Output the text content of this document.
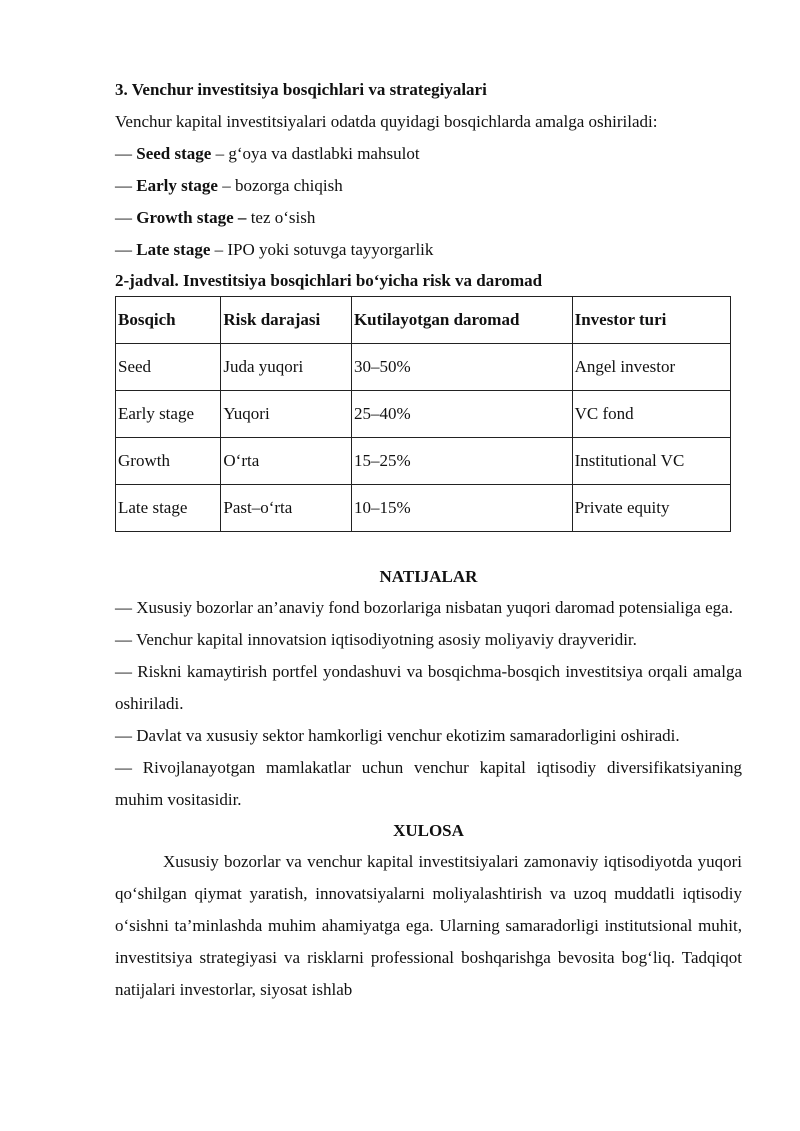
3. Venchur investitsiya bosqichlari va strategiyalari
Venchur kapital investitsiyalari odatda quyidagi bosqichlarda amalga oshiriladi:
— Seed stage – g‘oya va dastlabki mahsulot
— Early stage – bozorga chiqish
— Growth stage – tez o‘sish
— Late stage – IPO yoki sotuvga tayyorgarlik
2-jadval. Investitsiya bosqichlari bo‘yicha risk va daromad
Bosqich	Risk darajasi	Kutilayotgan daromad	Investor turi
Seed	Juda yuqori	30–50%	Angel investor
Early stage	Yuqori	25–40%	VC fond
Growth	O‘rta	15–25%	Institutional VC
Late stage	Past–o‘rta	10–15%	Private equity
NATIJALAR

— Xususiy bozorlar an’anaviy fond bozorlariga nisbatan yuqori daromad potensialiga ega.

— Venchur kapital innovatsion iqtisodiyotning asosiy moliyaviy drayveridir.

— Riskni kamaytirish portfel yondashuvi va bosqichma-bosqich investitsiya orqali amalga oshiriladi.

— Davlat va xususiy sektor hamkorligi venchur ekotizim samaradorligini oshiradi.

— Rivojlanayotgan mamlakatlar uchun venchur kapital iqtisodiy diversifikatsiyaning muhim vositasidir.

XULOSA

Xususiy bozorlar va venchur kapital investitsiyalari zamonaviy iqtisodiyotda yuqori qo‘shilgan qiymat yaratish, innovatsiyalarni moliyalashtirish va uzoq muddatli iqtisodiy o‘sishni ta’minlashda muhim ahamiyatga ega. Ularning samaradorligi institutsional muhit, investitsiya strategiyasi va risklarni professional boshqarishga bevosita bog‘liq. Tadqiqot natijalari investorlar, siyosat ishlab
